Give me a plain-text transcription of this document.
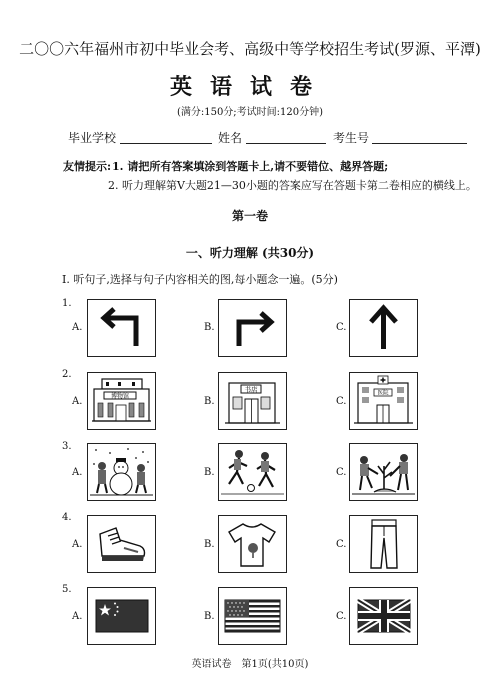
二〇〇六年福州市初中毕业会考、高级中等学校招生考试(罗源、平潭)
英语试卷
(满分:150分;考试时间:120分钟)
毕业学校	姓名	考生号
友情提示: 1. 请把所有答案填涂到答题卡上,请不要错位、越界答题;
2. 听力理解第V大题21—30小题的答案应写在答题卡第二卷相应的横线上。
第一卷
一、听力理解 (共30分)
I. 听句子,选择与句子内容相关的图,每小题念一遍。(5分)
1.
2.
3.
4.
5.
A.	B.	C.
A.	B.	C.
A.	B.	C.
A.	B.	C.
A.	B.	C.
博物馆
书店	医院
英语试卷　第1页(共10页)
